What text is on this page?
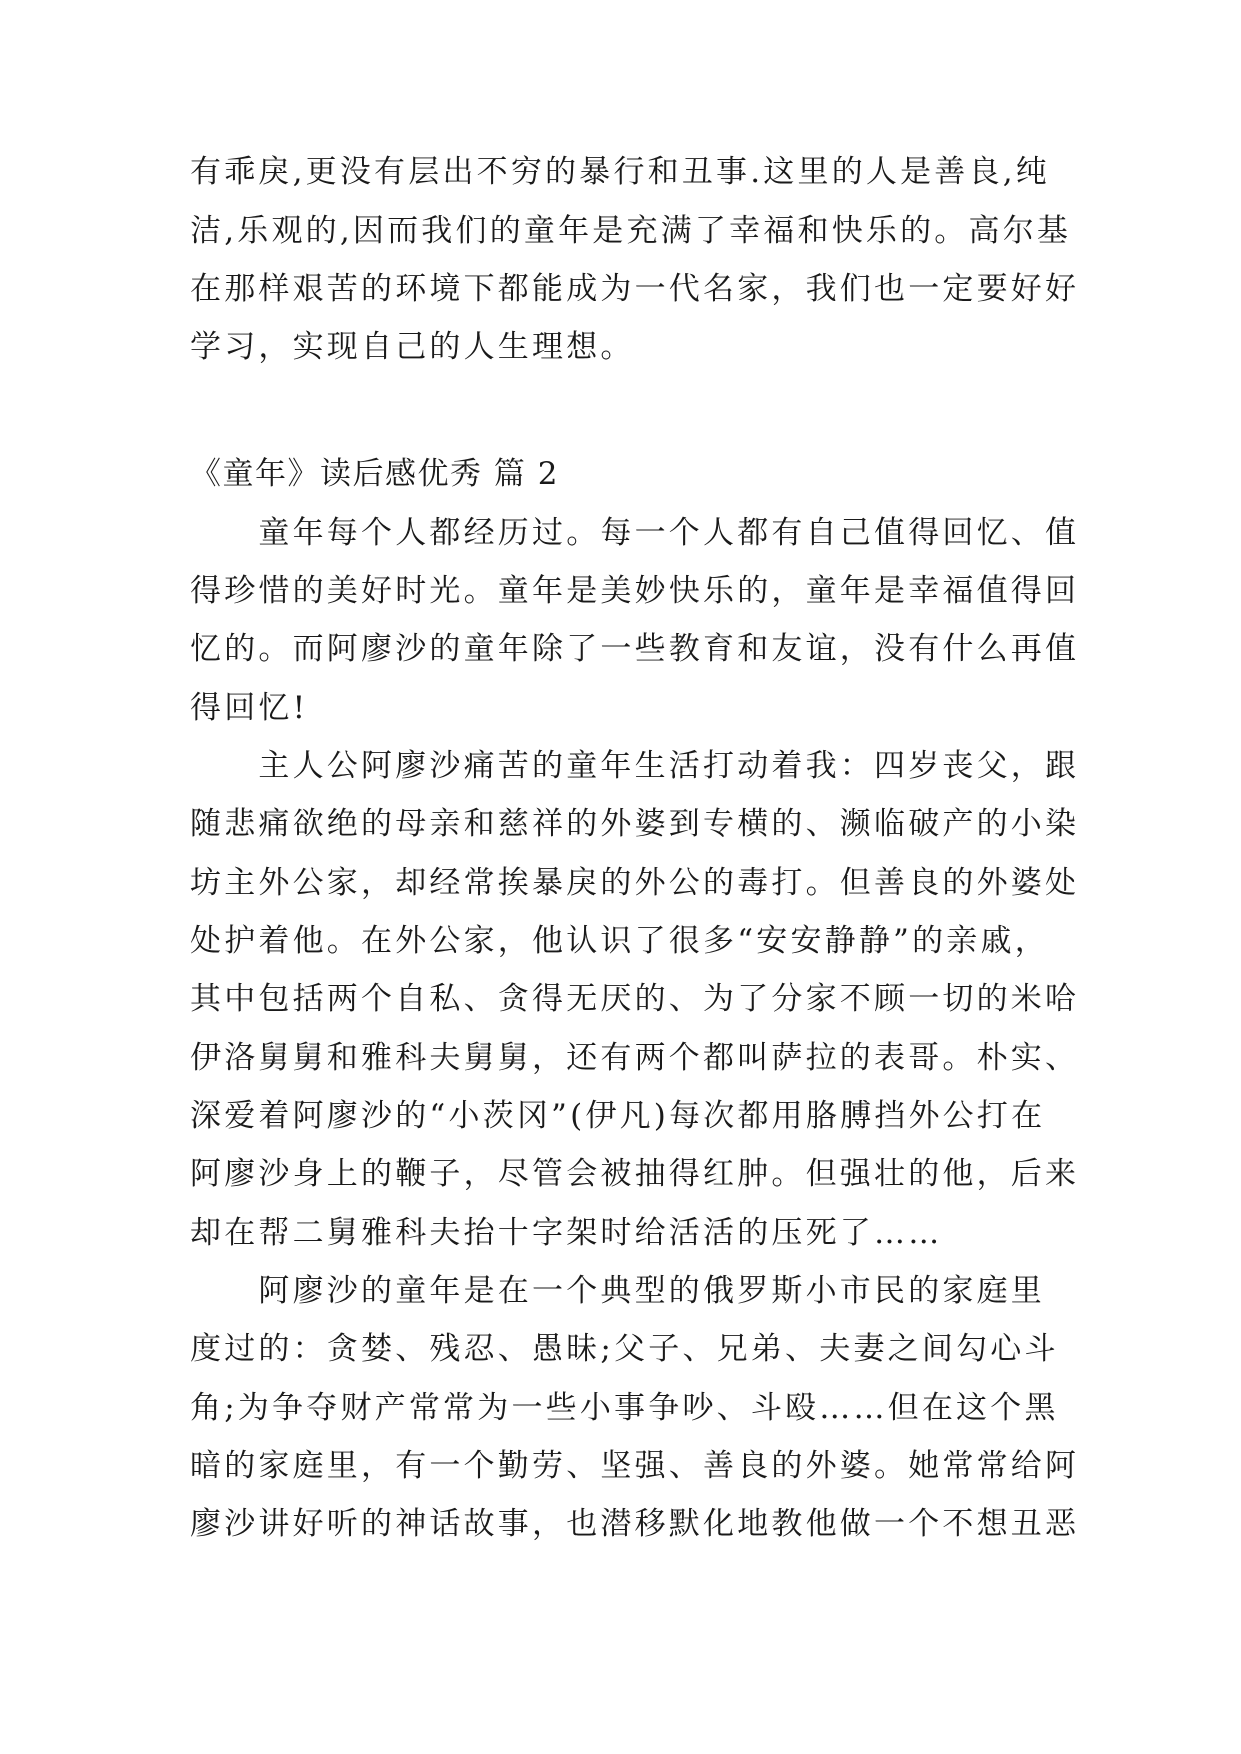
有乖戾,更没有层出不穷的暴行和丑事.这里的人是善良,纯
洁,乐观的,因而我们的童年是充满了幸福和快乐的。高尔基
在那样艰苦的环境下都能成为一代名家，我们也一定要好好
学习，实现自己的人生理想。
《童年》读后感优秀 篇 2
　　童年每个人都经历过。每一个人都有自己值得回忆、值
得珍惜的美好时光。童年是美妙快乐的，童年是幸福值得回
忆的。而阿廖沙的童年除了一些教育和友谊，没有什么再值
得回忆!
　　主人公阿廖沙痛苦的童年生活打动着我：四岁丧父，跟
随悲痛欲绝的母亲和慈祥的外婆到专横的、濒临破产的小染
坊主外公家，却经常挨暴戾的外公的毒打。但善良的外婆处
处护着他。在外公家，他认识了很多“安安静静”的亲戚，
其中包括两个自私、贪得无厌的、为了分家不顾一切的米哈
伊洛舅舅和雅科夫舅舅，还有两个都叫萨拉的表哥。朴实、
深爱着阿廖沙的“小茨冈”(伊凡)每次都用胳膊挡外公打在
阿廖沙身上的鞭子，尽管会被抽得红肿。但强壮的他，后来
却在帮二舅雅科夫抬十字架时给活活的压死了……
　　阿廖沙的童年是在一个典型的俄罗斯小市民的家庭里
度过的：贪婪、残忍、愚昧;父子、兄弟、夫妻之间勾心斗
角;为争夺财产常常为一些小事争吵、斗殴……但在这个黑
暗的家庭里，有一个勤劳、坚强、善良的外婆。她常常给阿
廖沙讲好听的神话故事，也潜移默化地教他做一个不想丑恶
